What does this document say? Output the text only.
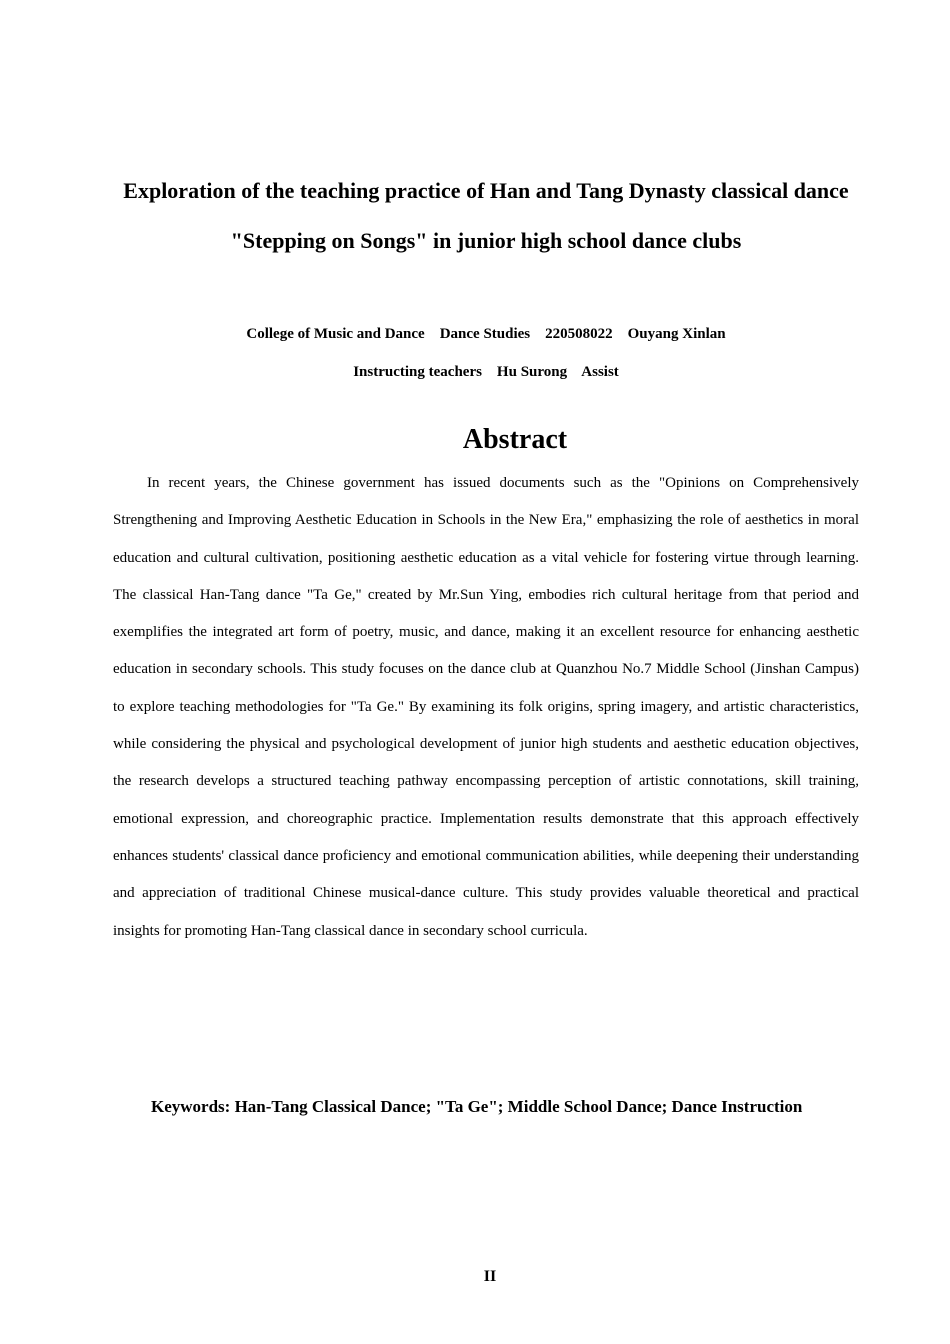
Exploration of the teaching practice of Han and Tang Dynasty classical dance "Stepping on Songs" in junior high school dance clubs

College of Music and Dance    Dance Studies    220508022    Ouyang Xinlan

Instructing teachers    Hu Surong    Assist

Abstract

In recent years, the Chinese government has issued documents such as the "Opinions on Comprehensively Strengthening and Improving Aesthetic Education in Schools in the New Era," emphasizing the role of aesthetics in moral education and cultural cultivation, positioning aesthetic education as a vital vehicle for fostering virtue through learning. The classical Han-Tang dance "Ta Ge," created by Mr.Sun Ying, embodies rich cultural heritage from that period and exemplifies the integrated art form of poetry, music, and dance, making it an excellent resource for enhancing aesthetic education in secondary schools. This study focuses on the dance club at Quanzhou No.7 Middle School (Jinshan Campus) to explore teaching methodologies for "Ta Ge." By examining its folk origins, spring imagery, and artistic characteristics, while considering the physical and psychological development of junior high students and aesthetic education objectives, the research develops a structured teaching pathway encompassing perception of artistic connotations, skill training, emotional expression, and choreographic practice. Implementation results demonstrate that this approach effectively enhances students' classical dance proficiency and emotional communication abilities, while deepening their understanding and appreciation of traditional Chinese musical-dance culture. This study provides valuable theoretical and practical insights for promoting Han-Tang classical dance in secondary school curricula.

Keywords: Han-Tang Classical Dance; "Ta Ge"; Middle School Dance; Dance Instruction

II
